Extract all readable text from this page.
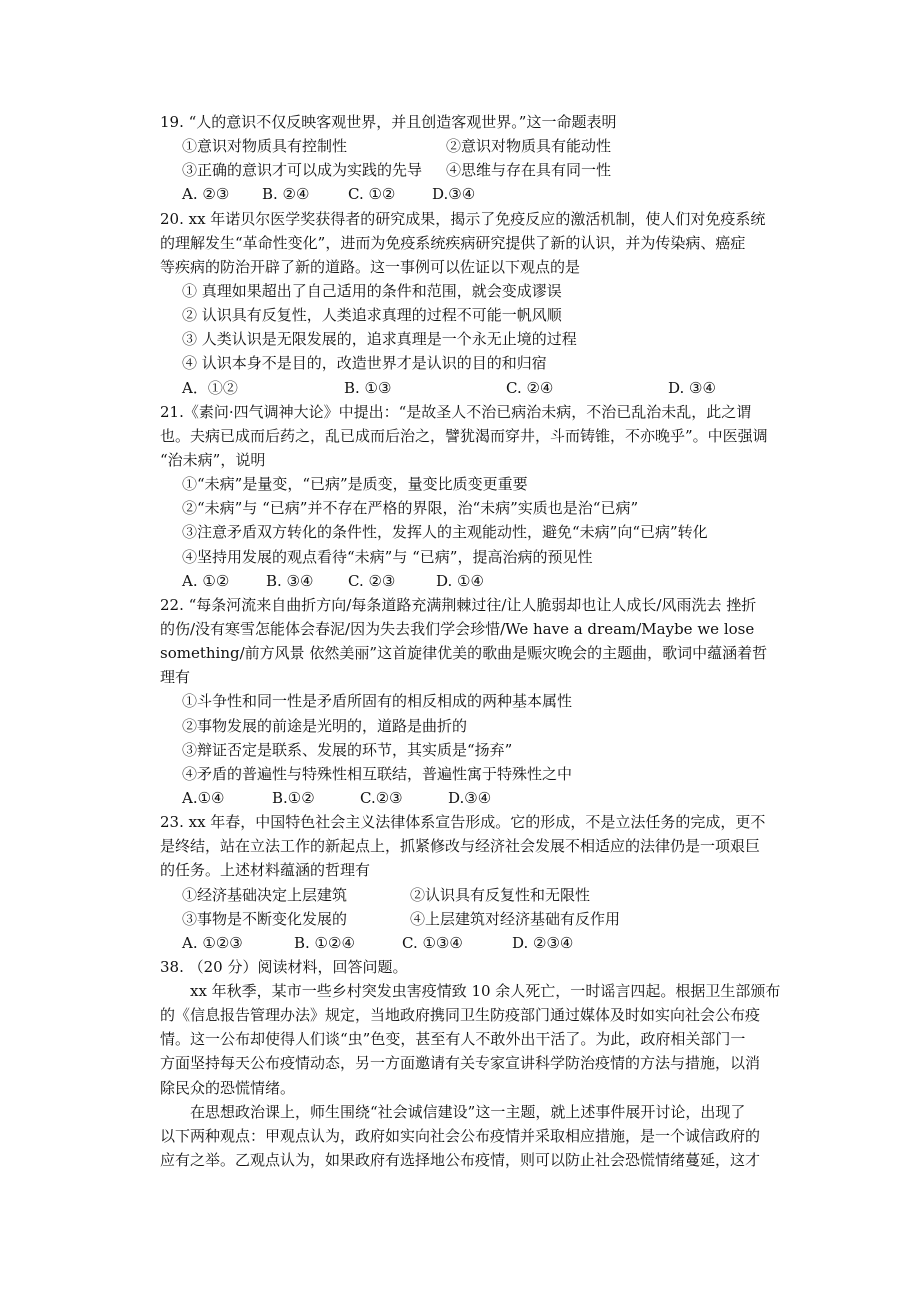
19. “人的意识不仅反映客观世界，并且创造客观世界。”这一命题表明
①意识对物质具有控制性	②意识对物质具有能动性
③正确的意识才可以成为实践的先导	④思维与存在具有同一性
A. ②③	B. ②④	C. ①②	D.③④
20. xx 年诺贝尔医学奖获得者的研究成果，揭示了免疫反应的激活机制，使人们对免疫系统
的理解发生“革命性变化”，进而为免疫系统疾病研究提供了新的认识，并为传染病、癌症
等疾病的防治开辟了新的道路。这一事例可以佐证以下观点的是
① 真理如果超出了自己适用的条件和范围，就会变成谬误
② 认识具有反复性，人类追求真理的过程不可能一帆风顺
③ 人类认识是无限发展的，追求真理是一个永无止境的过程
④ 认识本身不是目的，改造世界才是认识的目的和归宿
A．①②	B. ①③	C. ②④	D. ③④
21.《素问·四气调神大论》中提出：“是故圣人不治已病治未病，不治已乱治未乱，此之谓
也。夫病已成而后药之，乱已成而后治之，譬犹渴而穿井，斗而铸锥，不亦晚乎”。中医强调
“治未病”，说明
①“未病”是量变，“已病”是质变，量变比质变更重要
②“未病”与 “已病”并不存在严格的界限，治“未病”实质也是治“已病”
③注意矛盾双方转化的条件性，发挥人的主观能动性，避免“未病”向“已病”转化
④坚持用发展的观点看待“未病”与 “已病”，提高治病的预见性
A. ①②	B. ③④	C. ②③	D. ①④
22. “每条河流来自曲折方向/每条道路充满荆棘过往/让人脆弱却也让人成长/风雨洗去 挫折
的伤/没有寒雪怎能体会春泥/因为失去我们学会珍惜/We have a dream/Maybe we lose
something/前方风景 依然美丽”这首旋律优美的歌曲是赈灾晚会的主题曲，歌词中蕴涵着哲
理有
①斗争性和同一性是矛盾所固有的相反相成的两种基本属性
②事物发展的前途是光明的，道路是曲折的
③辩证否定是联系、发展的环节，其实质是“扬弃”
④矛盾的普遍性与特殊性相互联结，普遍性寓于特殊性之中
A.①④	B.①②	C.②③	D.③④
23. xx 年春，中国特色社会主义法律体系宣告形成。它的形成，不是立法任务的完成，更不
是终结，站在立法工作的新起点上，抓紧修改与经济社会发展不相适应的法律仍是一项艰巨
的任务。上述材料蕴涵的哲理有
①经济基础决定上层建筑	②认识具有反复性和无限性
③事物是不断变化发展的	④上层建筑对经济基础有反作用
A. ①②③	B. ①②④	C. ①③④	D. ②③④
38. （20 分）阅读材料，回答问题。
xx 年秋季，某市一些乡村突发虫害疫情致 10 余人死亡，一时谣言四起。根据卫生部颁布
的《信息报告管理办法》规定，当地政府携同卫生防疫部门通过媒体及时如实向社会公布疫
情。这一公布却使得人们谈“虫”色变，甚至有人不敢外出干活了。为此，政府相关部门一
方面坚持每天公布疫情动态，另一方面邀请有关专家宣讲科学防治疫情的方法与措施，以消
除民众的恐慌情绪。
在思想政治课上，师生围绕“社会诚信建设”这一主题，就上述事件展开讨论，出现了
以下两种观点：甲观点认为，政府如实向社会公布疫情并采取相应措施，是一个诚信政府的
应有之举。乙观点认为，如果政府有选择地公布疫情，则可以防止社会恐慌情绪蔓延，这才
